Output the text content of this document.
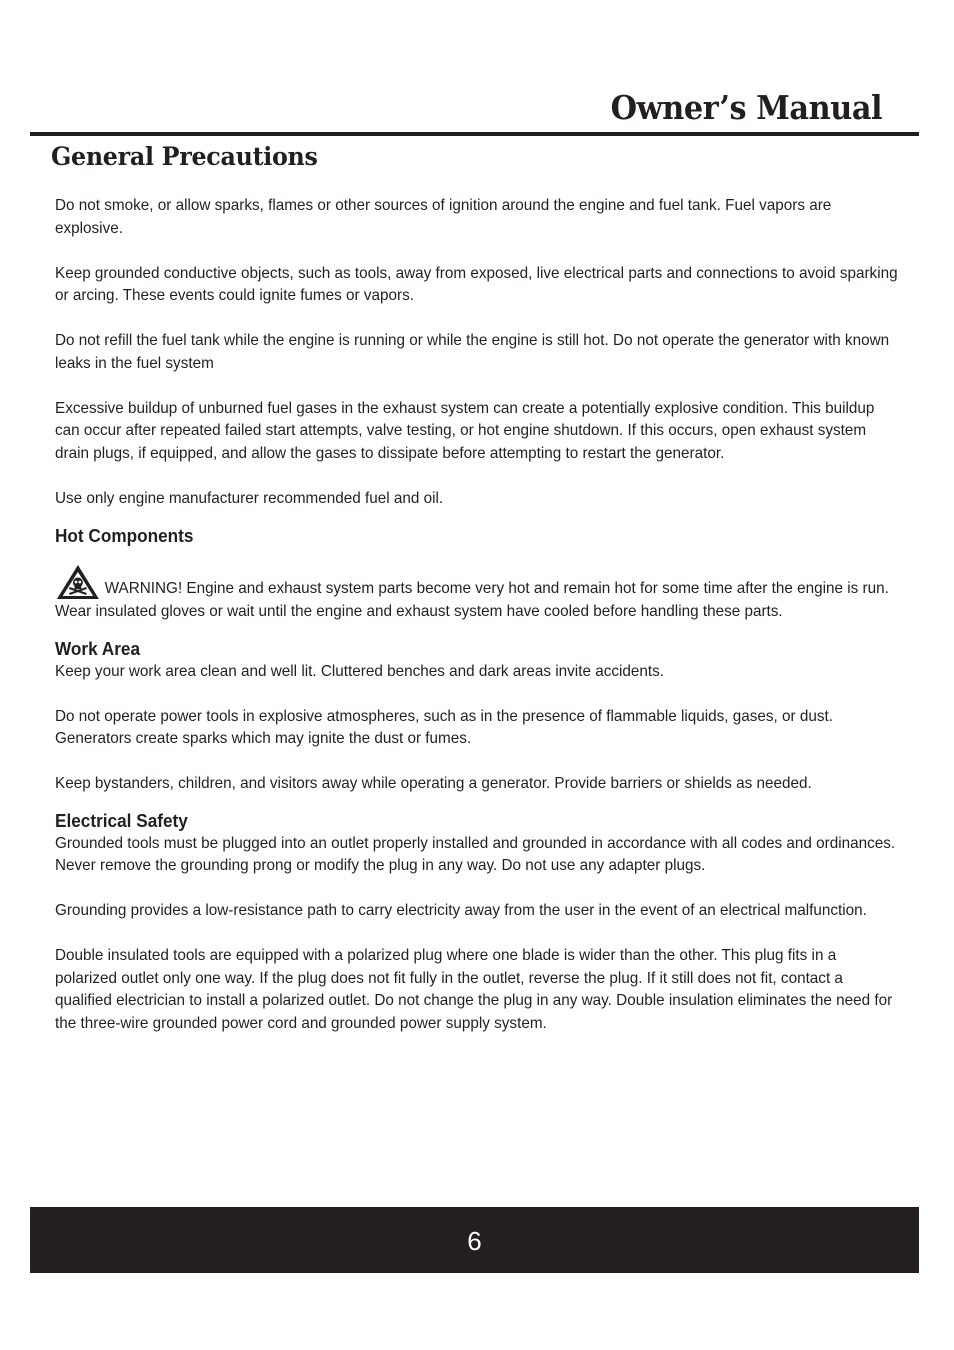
Owner’s Manual
General Precautions

Do not smoke, or allow sparks, flames or other sources of ignition around the engine and fuel tank. Fuel vapors are explosive.

Keep grounded conductive objects, such as tools, away from exposed, live electrical parts and connections to avoid sparking or arcing. These events could ignite fumes or vapors.

Do not refill the fuel tank while the engine is running or while the engine is still hot. Do not operate the generator with known leaks in the fuel system

Excessive buildup of unburned fuel gases in the exhaust system can create a potentially explosive condition. This buildup can occur after repeated failed start attempts, valve testing, or hot engine shutdown. If this occurs, open exhaust system drain plugs, if equipped, and allow the gases to dissipate before attempting to restart the generator.

Use only engine manufacturer recommended fuel and oil.

Hot Components

WARNING! Engine and exhaust system parts become very hot and remain hot for some time after the engine is run. Wear insulated gloves or wait until the engine and exhaust system have cooled before handling these parts.

Work Area

Keep your work area clean and well lit. Cluttered benches and dark areas invite accidents.

Do not operate power tools in explosive atmospheres, such as in the presence of flammable liquids, gases, or dust. Generators create sparks which may ignite the dust or fumes.

Keep bystanders, children, and visitors away while operating a generator. Provide barriers or shields as needed.

Electrical Safety

Grounded tools must be plugged into an outlet properly installed and grounded in accordance with all codes and ordinances. Never remove the grounding prong or modify the plug in any way. Do not use any adapter plugs.

Grounding provides a low-resistance path to carry electricity away from the user in the event of an electrical malfunction.

Double insulated tools are equipped with a polarized plug where one blade is wider than the other. This plug fits in a polarized outlet only one way. If the plug does not fit fully in the outlet, reverse the plug. If it still does not fit, contact a qualified electrician to install a polarized outlet. Do not change the plug in any way. Double insulation eliminates the need for the three-wire grounded power cord and grounded power supply system.

6
